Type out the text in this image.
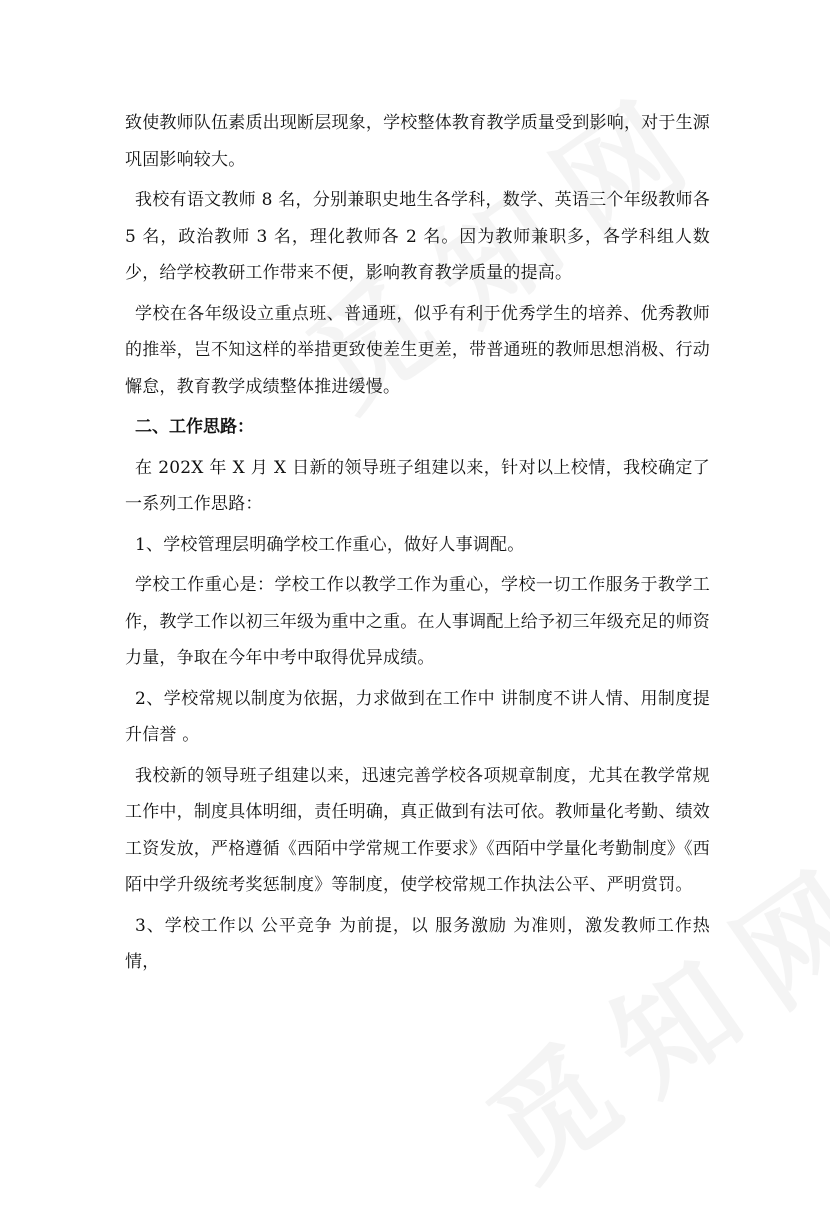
致使教师队伍素质出现断层现象，学校整体教育教学质量受到影响，对于生源巩固影响较大。

我校有语文教师 8 名，分别兼职史地生各学科，数学、英语三个年级教师各 5 名，政治教师 3 名，理化教师各 2 名。因为教师兼职多，各学科组人数少，给学校教研工作带来不便，影响教育教学质量的提高。

学校在各年级设立重点班、普通班，似乎有利于优秀学生的培养、优秀教师的推举，岂不知这样的举措更致使差生更差，带普通班的教师思想消极、行动懈怠，教育教学成绩整体推进缓慢。

二、工作思路：

在 202X 年 X 月 X 日新的领导班子组建以来，针对以上校情，我校确定了一系列工作思路：

1、学校管理层明确学校工作重心，做好人事调配。

学校工作重心是：学校工作以教学工作为重心，学校一切工作服务于教学工作，教学工作以初三年级为重中之重。在人事调配上给予初三年级充足的师资力量，争取在今年中考中取得优异成绩。

2、学校常规以制度为依据，力求做到在工作中 讲制度不讲人情、用制度提升信誉 。

我校新的领导班子组建以来，迅速完善学校各项规章制度，尤其在教学常规工作中，制度具体明细，责任明确，真正做到有法可依。教师量化考勤、绩效工资发放，严格遵循《西陌中学常规工作要求》《西陌中学量化考勤制度》《西陌中学升级统考奖惩制度》等制度，使学校常规工作执法公平、严明赏罚。

3、学校工作以 公平竞争 为前提，以 服务激励 为准则，激发教师工作热情，
